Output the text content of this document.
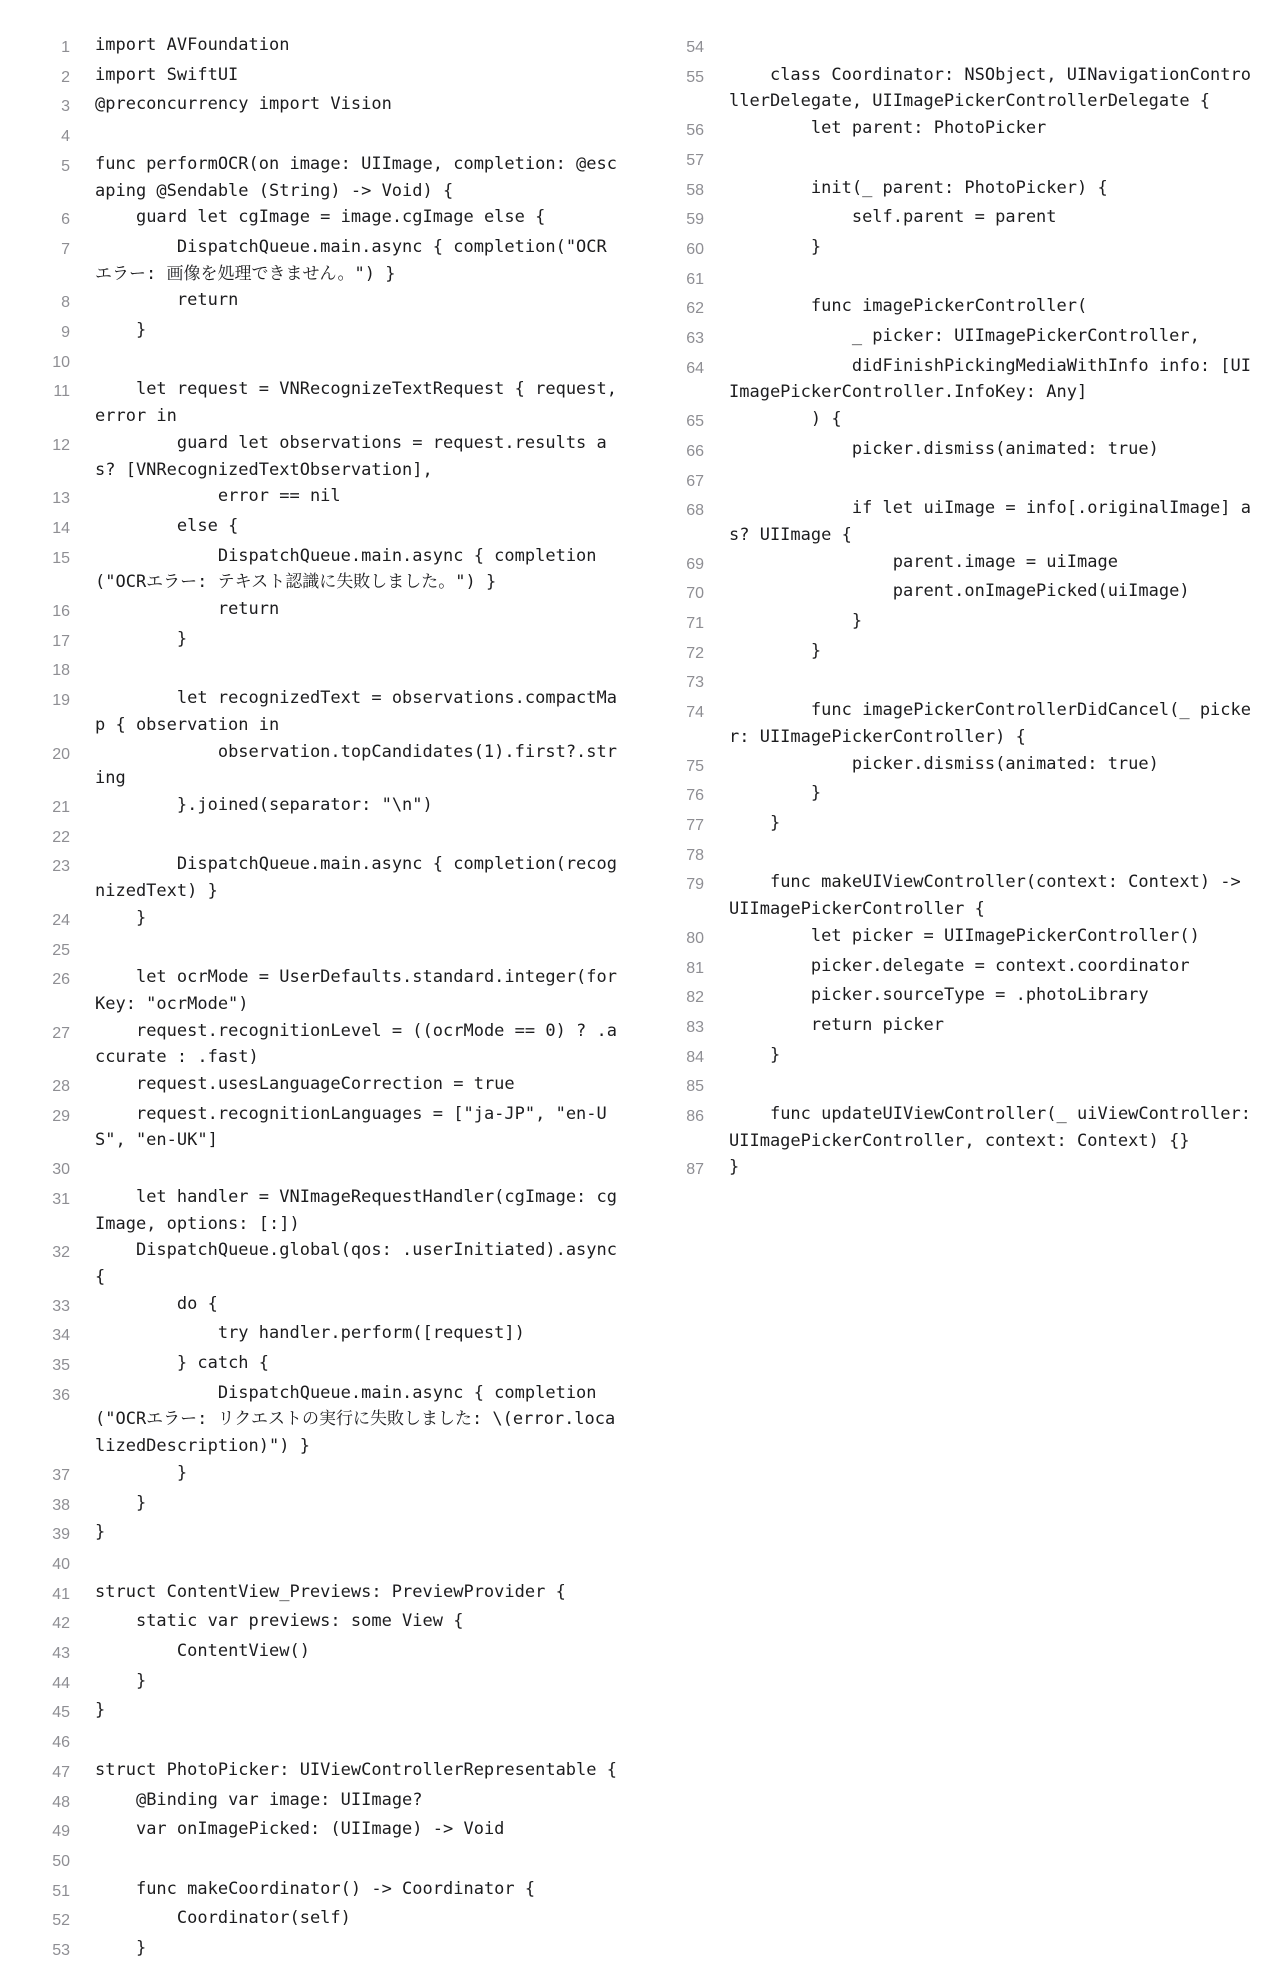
1 import AVFoundation
2 import SwiftUI
3 @preconcurrency import Vision
4
5 func performOCR(on image: UIImage, completion: @escaping @Sendable (String) -> Void) {
6 guard let cgImage = image.cgImage else {
7 DispatchQueue.main.async { completion("OCRエラー: 画像を処理できません。") }
8 return
9 }
10
11 let request = VNRecognizeTextRequest { request, error in
12 guard let observations = request.results as? [VNRecognizedTextObservation],
13 error == nil
14 else {
15 DispatchQueue.main.async { completion("OCRエラー: テキスト認識に失敗しました。") }
16 return
17 }
18
19 let recognizedText = observations.compactMap { observation in
20 observation.topCandidates(1).first?.string
21 }.joined(separator: "\n")
22
23 DispatchQueue.main.async { completion(recognizedText) }
24 }
25
26 let ocrMode = UserDefaults.standard.integer(forKey: "ocrMode")
27 request.recognitionLevel = ((ocrMode == 0) ? .accurate : .fast)
28 request.usesLanguageCorrection = true
29 request.recognitionLanguages = ["ja-JP", "en-US", "en-UK"]
30
31 let handler = VNImageRequestHandler(cgImage: cgImage, options: [:])
32 DispatchQueue.global(qos: .userInitiated).async {
33 do {
34 try handler.perform([request])
35 } catch {
36 DispatchQueue.main.async { completion("OCRエラー: リクエストの実行に失敗しました: \(error.localizedDescription)") }
37 }
38 }
39 }
40
41 struct ContentView_Previews: PreviewProvider {
42 static var previews: some View {
43 ContentView()
44 }
45 }
46
47 struct PhotoPicker: UIViewControllerRepresentable {
48 @Binding var image: UIImage?
49 var onImagePicked: (UIImage) -> Void
50
51 func makeCoordinator() -> Coordinator {
52 Coordinator(self)
53 }
54
55 class Coordinator: NSObject, UINavigationControllerDelegate, UIImagePickerControllerDelegate {
56 let parent: PhotoPicker
57
58 init(_ parent: PhotoPicker) {
59 self.parent = parent
60 }
61
62 func imagePickerController(
63 _ picker: UIImagePickerController,
64 didFinishPickingMediaWithInfo info: [UIImagePickerController.InfoKey: Any]
65 ) {
66 picker.dismiss(animated: true)
67
68 if let uiImage = info[.originalImage] as? UIImage {
69 parent.image = uiImage
70 parent.onImagePicked(uiImage)
71 }
72 }
73
74 func imagePickerControllerDidCancel(_ picker: UIImagePickerController) {
75 picker.dismiss(animated: true)
76 }
77 }
78
79 func makeUIViewController(context: Context) -> UIImagePickerController {
80 let picker = UIImagePickerController()
81 picker.delegate = context.coordinator
82 picker.sourceType = .photoLibrary
83 return picker
84 }
85
86 func updateUIViewController(_ uiViewController: UIImagePickerController, context: Context) {}
87 }
